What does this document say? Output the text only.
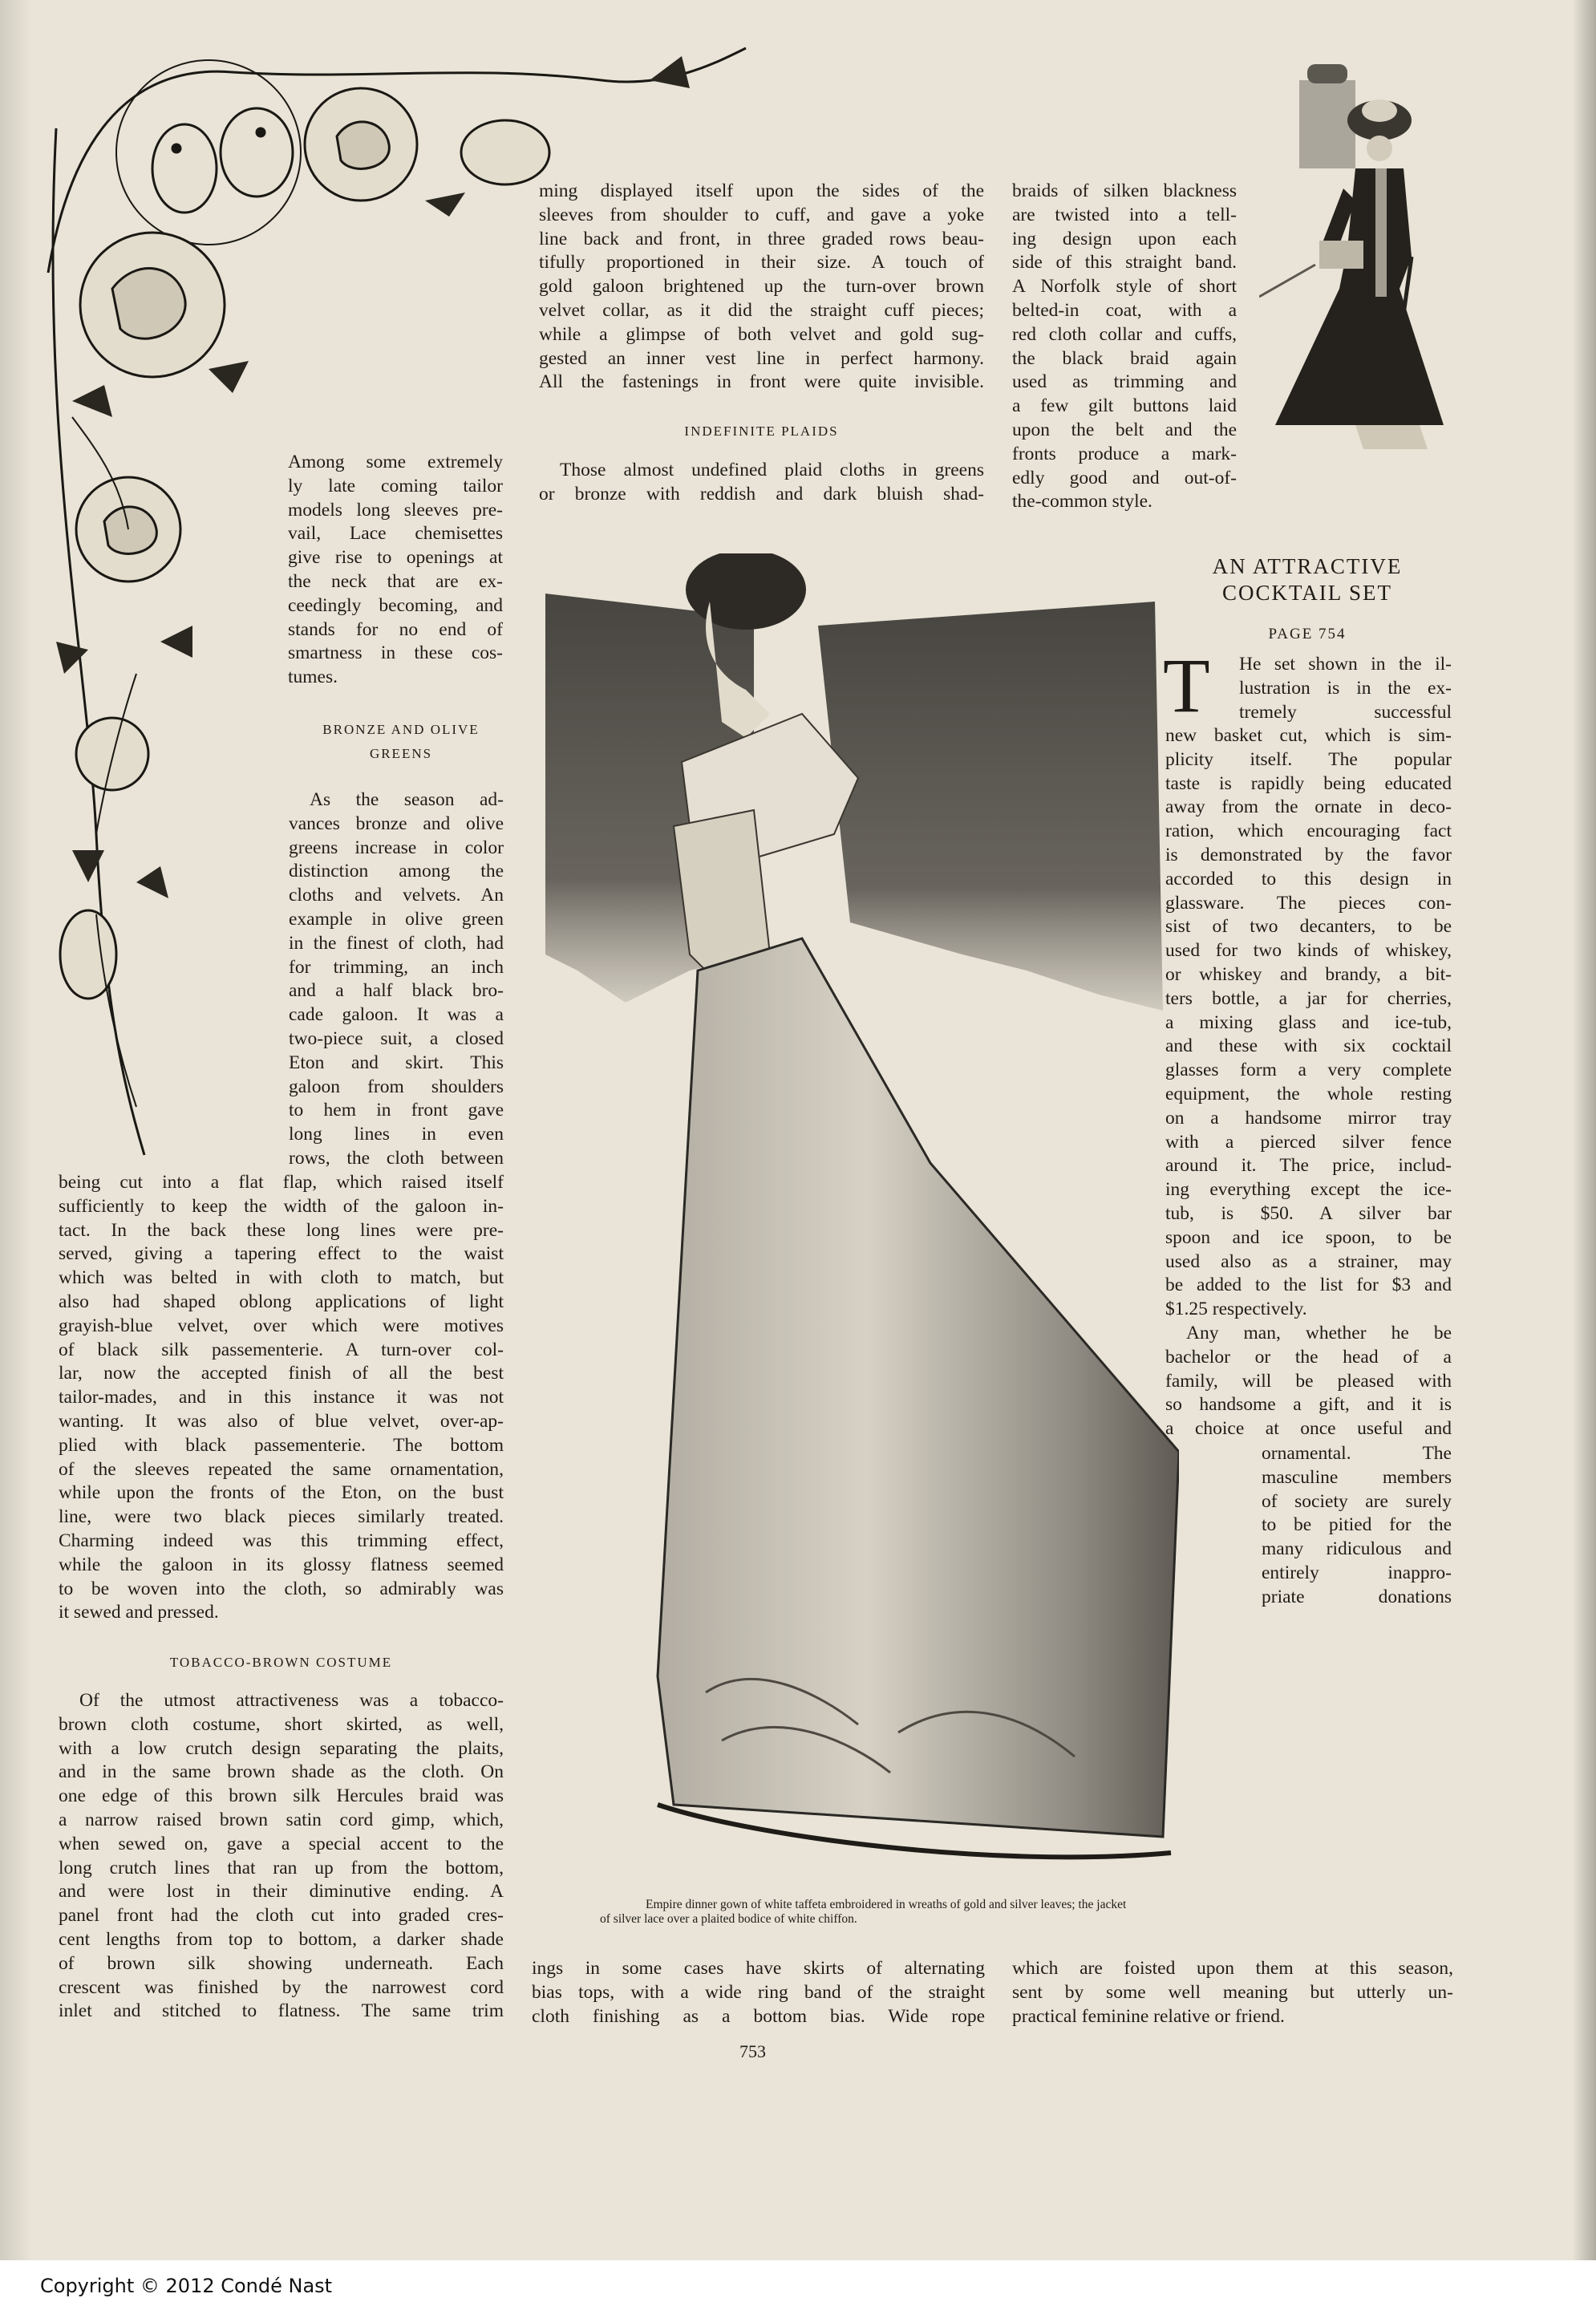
Among some extremely
ly late coming tailor
models long sleeves pre-
vail, Lace chemisettes
give rise to openings at
the neck that are ex-
ceedingly becoming, and
stands for no end of
smartness in these cos-
tumes.
BRONZE AND OLIVE
GREENS
As the season ad-
vances bronze and olive
greens increase in color
distinction among the
cloths and velvets. An
example in olive green
in the finest of cloth, had
for trimming, an inch
and a half black bro-
cade galoon. It was a
two-piece suit, a closed
Eton and skirt. This
galoon from shoulders
to hem in front gave
long lines in even
rows, the cloth between
being cut into a flat flap, which raised itself
sufficiently to keep the width of the galoon in-
tact. In the back these long lines were pre-
served, giving a tapering effect to the waist
which was belted in with cloth to match, but
also had shaped oblong applications of light
grayish-blue velvet, over which were motives
of black silk passementerie. A turn-over col-
lar, now the accepted finish of all the best
tailor-mades, and in this instance it was not
wanting. It was also of blue velvet, over-ap-
plied with black passementerie. The bottom
of the sleeves repeated the same ornamentation,
while upon the fronts of the Eton, on the bust
line, were two black pieces similarly treated.
Charming indeed was this trimming effect,
while the galoon in its glossy flatness seemed
to be woven into the cloth, so admirably was
it sewed and pressed.
TOBACCO-BROWN COSTUME
Of the utmost attractiveness was a tobacco-
brown cloth costume, short skirted, as well,
with a low crutch design separating the plaits,
and in the same brown shade as the cloth. On
one edge of this brown silk Hercules braid was
a narrow raised brown satin cord gimp, which,
when sewed on, gave a special accent to the
long crutch lines that ran up from the bottom,
and were lost in their diminutive ending. A
panel front had the cloth cut into graded cres-
cent lengths from top to bottom, a darker shade
of brown silk showing underneath. Each
crescent was finished by the narrowest cord
inlet and stitched to flatness. The same trim
ming displayed itself upon the sides of the
sleeves from shoulder to cuff, and gave a yoke
line back and front, in three graded rows beau-
tifully proportioned in their size. A touch of
gold galoon brightened up the turn-over brown
velvet collar, as it did the straight cuff pieces;
while a glimpse of both velvet and gold sug-
gested an inner vest line in perfect harmony.
All the fastenings in front were quite invisible.
INDEFINITE PLAIDS
Those almost undefined plaid cloths in greens
or bronze with reddish and dark bluish shad-
braids of silken blackness
are twisted into a tell-
ing design upon each
side of this straight band.
A Norfolk style of short
belted-in coat, with a
red cloth collar and cuffs,
the black braid again
used as trimming and
a few gilt buttons laid
upon the belt and the
fronts produce a mark-
edly good and out-of-
the-common style.
AN ATTRACTIVE
COCKTAIL SET
PAGE 754
T He set shown in the il-
lustration is in the ex-
tremely successful
new basket cut, which is sim-
plicity itself. The popular
taste is rapidly being educated
away from the ornate in deco-
ration, which encouraging fact
is demonstrated by the favor
accorded to this design in
glassware. The pieces con-
sist of two decanters, to be
used for two kinds of whiskey,
or whiskey and brandy, a bit-
ters bottle, a jar for cherries,
a mixing glass and ice-tub,
and these with six cocktail
glasses form a very complete
equipment, the whole resting
on a handsome mirror tray
with a pierced silver fence
around it. The price, includ-
ing everything except the ice-
tub, is $50. A silver bar
spoon and ice spoon, to be
used also as a strainer, may
be added to the list for $3 and
$1.25 respectively.
Any man, whether he be
bachelor or the head of a
family, will be pleased with
so handsome a gift, and it is
a choice at once useful and
ornamental. The
masculine members
of society are surely
to be pitied for the
many ridiculous and
entirely inappro-
priate donations
Empire dinner gown of white taffeta embroidered in wreaths of gold and silver leaves; the jacket
of silver lace over a plaited bodice of white chiffon.
ings in some cases have skirts of alternating
bias tops, with a wide ring band of the straight
cloth finishing as a bottom bias. Wide rope
which are foisted upon them at this season,
sent by some well meaning but utterly un-
practical feminine relative or friend.
753
Copyright © 2012 Condé Nast
